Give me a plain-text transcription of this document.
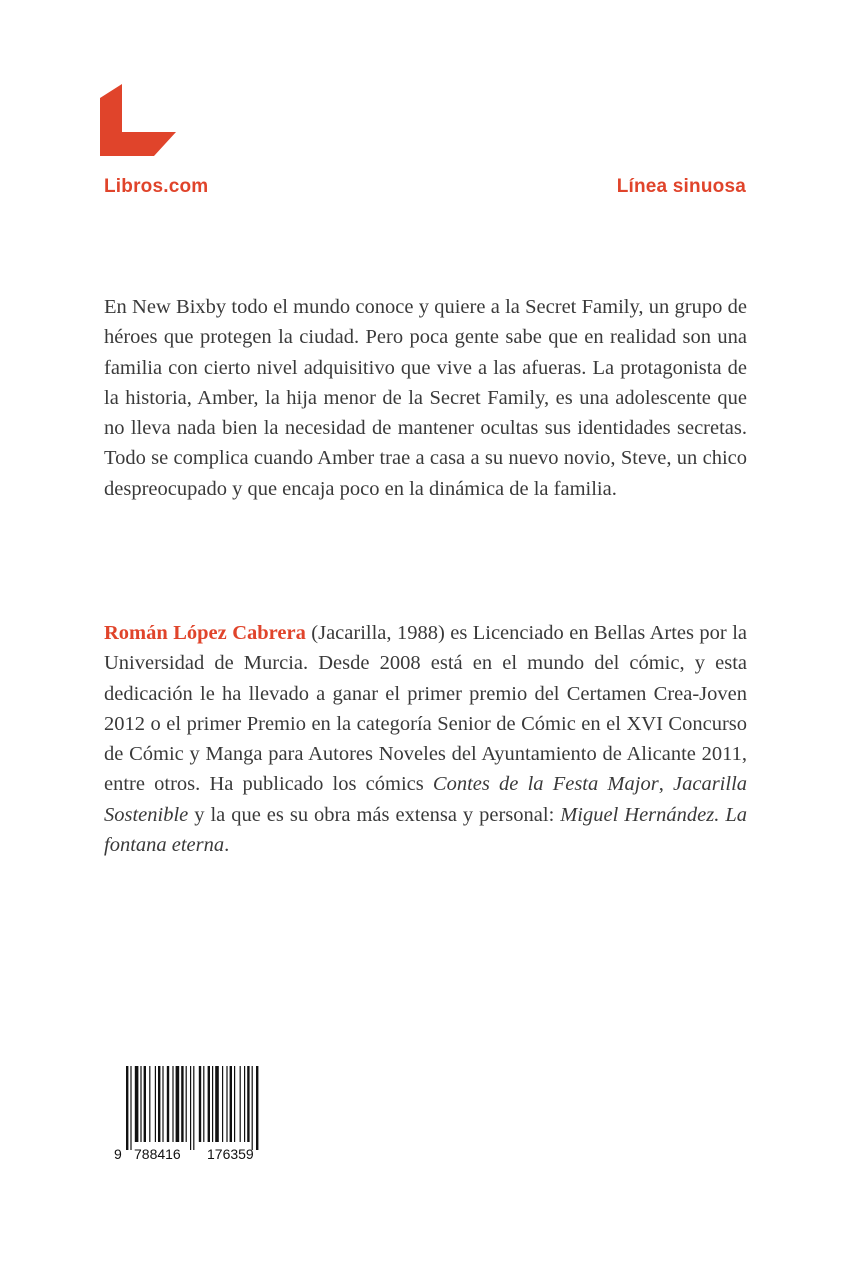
Libros.com	Línea sinuosa

En New Bixby todo el mundo conoce y quiere a la Secret Family, un grupo de héroes que protegen la ciudad. Pero poca gente sabe que en realidad son una familia con cierto nivel adquisitivo que vive a las afueras. La protagonista de la historia, Amber, la hija menor de la Secret Family, es una adolescente que no lleva nada bien la necesidad de mantener ocultas sus identidades secretas. Todo se complica cuando Amber trae a casa a su nuevo novio, Steve, un chico despreocupado y que encaja poco en la dinámica de la familia.

Román López Cabrera (Jacarilla, 1988) es Licenciado en Bellas Artes por la Universidad de Murcia. Desde 2008 está en el mundo del cómic, y esta dedicación le ha llevado a ganar el primer premio del Certamen Crea-Joven 2012 o el primer Premio en la categoría Senior de Cómic en el XVI Concurso de Cómic y Manga para Autores Noveles del Ayuntamiento de Alicante 2011, entre otros. Ha publicado los cómics Contes de la Festa Major, Jacarilla Sostenible y la que es su obra más extensa y personal: Miguel Hernández. La fontana eterna.

9 788416 176359
